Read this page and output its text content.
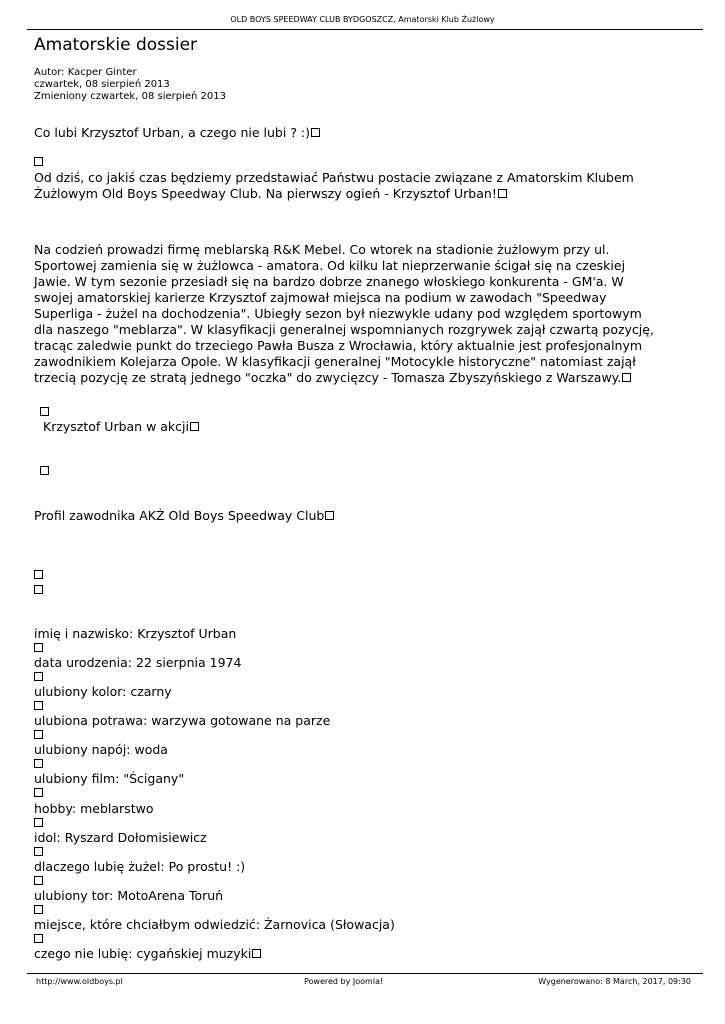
OLD BOYS SPEEDWAY CLUB BYDGOSZCZ, Amatorski Klub Żużlowy
Amatorskie dossier
Autor: Kacper Ginter
czwartek, 08 sierpień 2013
Zmieniony czwartek, 08 sierpień 2013
Co lubi Krzysztof Urban, a czego nie lubi ? :)
Od dziś, co jakiś czas będziemy przedstawiać Państwu postacie związane z Amatorskim Klubem Żużlowym Old Boys Speedway Club. Na pierwszy ogień - Krzysztof Urban!
Na codzień prowadzi firmę meblarską R&K Mebel. Co wtorek na stadionie żużlowym przy ul. Sportowej zamienia się w żużlowca - amatora. Od kilku lat nieprzerwanie ścigał się na czeskiej Jawie. W tym sezonie przesiadł się na bardzo dobrze znanego włoskiego konkurenta - GM'a. W swojej amatorskiej karierze Krzysztof zajmował miejsca na podium w zawodach "Speedway Superliga - żużel na dochodzenia". Ubiegły sezon był niezwykle udany pod względem sportowym dla naszego "meblarza". W klasyfikacji generalnej wspomnianych rozgrywek zajął czwartą pozycję, tracąc zaledwie punkt do trzeciego Pawła Busza z Wrocławia, który aktualnie jest profesjonalnym zawodnikiem Kolejarza Opole. W klasyfikacji generalnej "Motocykle historyczne" natomiast zajął trzecią pozycję ze stratą jednego "oczka" do zwycięzcy - Tomasza Zbyszyńskiego z Warszawy.
Krzysztof Urban w akcji
Profil zawodnika AKŻ Old Boys Speedway Club
imię i nazwisko: Krzysztof Urban
data urodzenia: 22 sierpnia 1974
ulubiony kolor: czarny
ulubiona potrawa: warzywa gotowane na parze
ulubiony napój: woda
ulubiony film: "Ścigany"
hobby: meblarstwo
idol: Ryszard Dołomisiewicz
dlaczego lubię żużel: Po prostu! :)
ulubiony tor: MotoArena Toruń
miejsce, które chciałbym odwiedzić: Żarnovica (Słowacja)
czego nie lubię: cygańskiej muzyki
http://www.oldboys.pl	Powered by Joomla!	Wygenerowano: 8 March, 2017, 09:30
